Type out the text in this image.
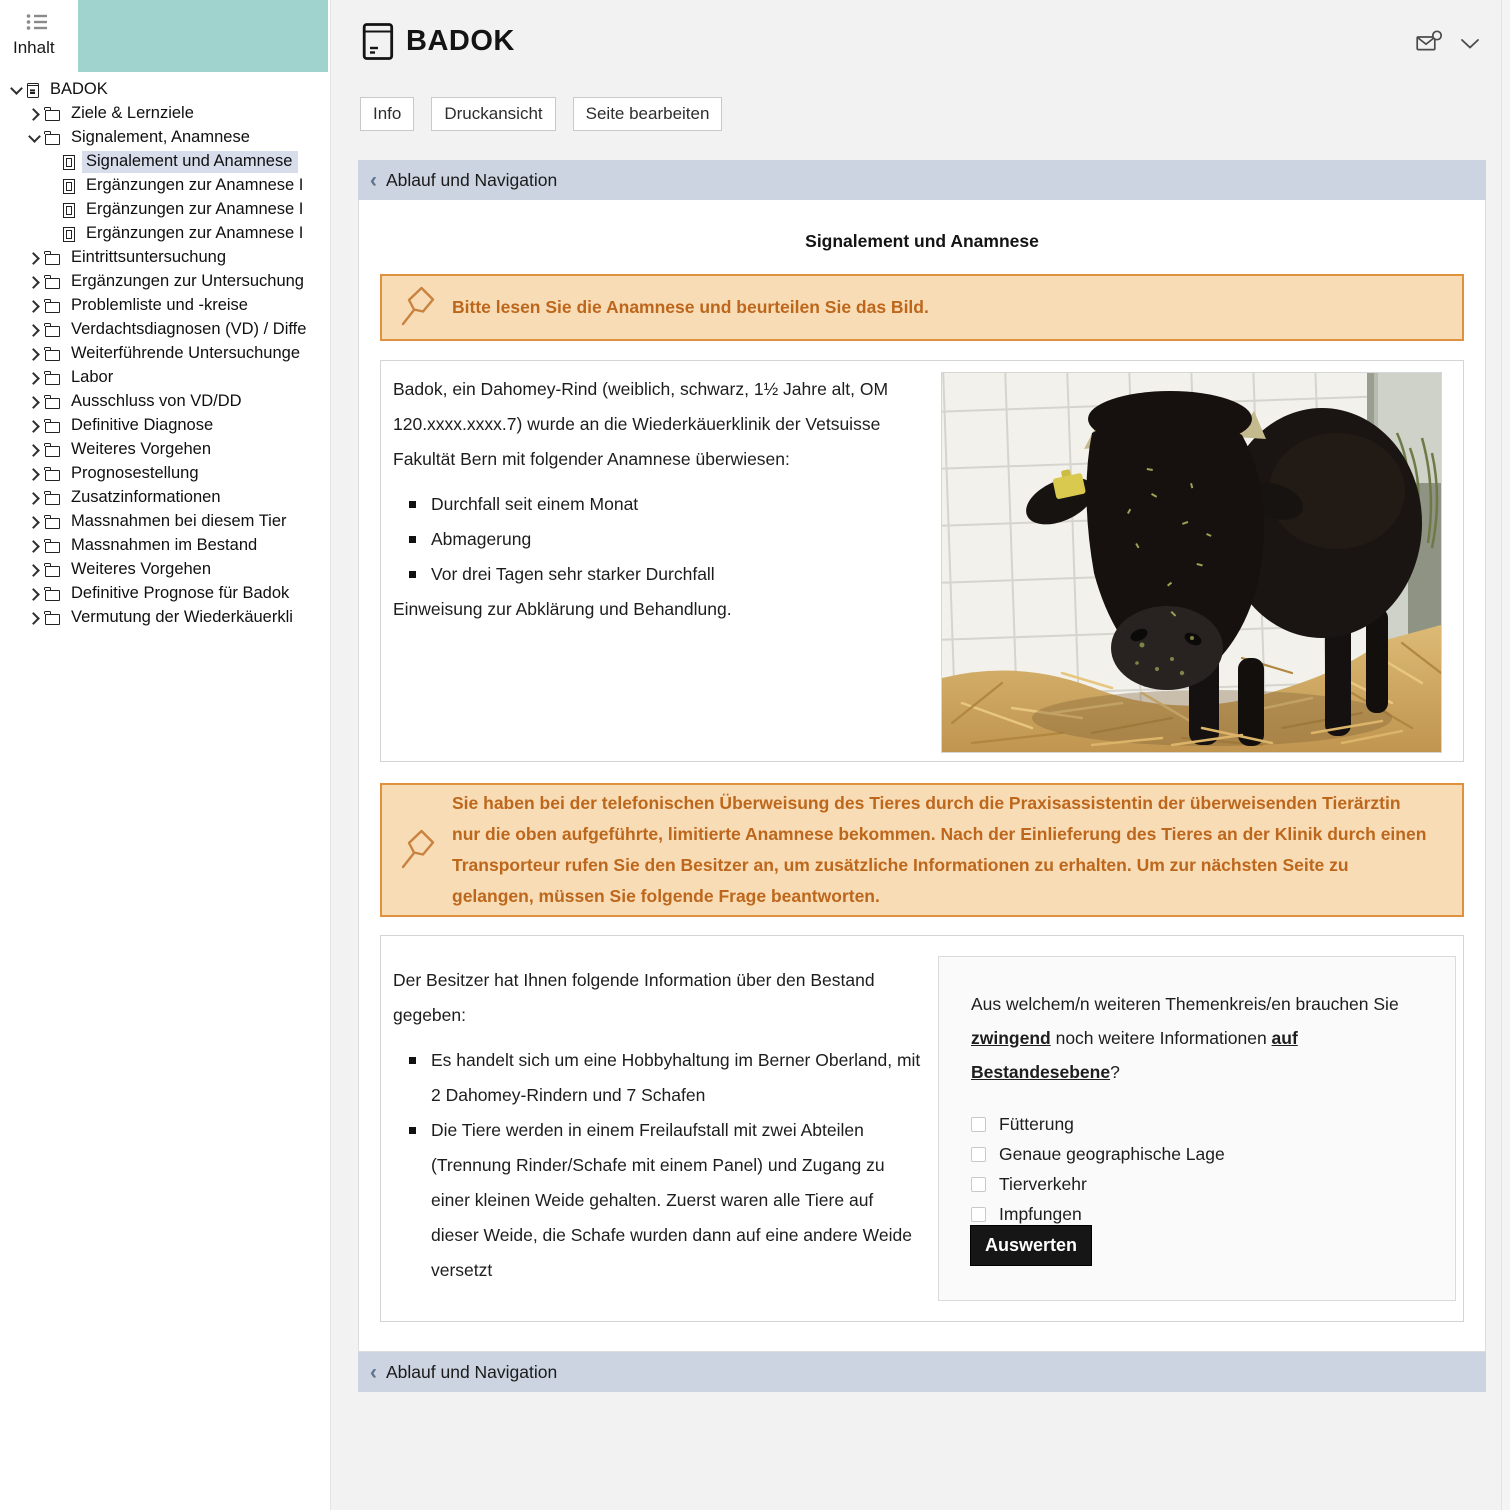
Inhalt
BADOK
Ziele & Lernziele
Signalement, Anamnese
Signalement und Anamnese
Ergänzungen zur Anamnese I
Ergänzungen zur Anamnese I
Ergänzungen zur Anamnese I
Eintrittsuntersuchung
Ergänzungen zur Untersuchung
Problemliste und -kreise
Verdachtsdiagnosen (VD) / Diffe
Weiterführende Untersuchunge
Labor
Ausschluss von VD/DD
Definitive Diagnose
Weiteres Vorgehen
Prognosestellung
Zusatzinformationen
Massnahmen bei diesem Tier
Massnahmen im Bestand
Weiteres Vorgehen
Definitive Prognose für Badok
Vermutung der Wiederkäuerkli
BADOK
Info	Druckansicht	Seite bearbeiten
‹ Ablauf und Navigation
Signalement und Anamnese
Bitte lesen Sie die Anamnese und beurteilen Sie das Bild.
Badok, ein Dahomey-Rind (weiblich, schwarz, 1½ Jahre alt, OM 120.xxxx.xxxx.7) wurde an die Wiederkäuerklinik der Vetsuisse Fakultät Bern mit folgender Anamnese überwiesen:
Durchfall seit einem Monat
Abmagerung
Vor drei Tagen sehr starker Durchfall
Einweisung zur Abklärung und Behandlung.
Sie haben bei der telefonischen Überweisung des Tieres durch die Praxisassistentin der überweisenden Tierärztin nur die oben aufgeführte, limitierte Anamnese bekommen. Nach der Einlieferung des Tieres an der Klinik durch einen Transporteur rufen Sie den Besitzer an, um zusätzliche Informationen zu erhalten. Um zur nächsten Seite zu gelangen, müssen Sie folgende Frage beantworten.
Der Besitzer hat Ihnen folgende Information über den Bestand gegeben:
Es handelt sich um eine Hobbyhaltung im Berner Oberland, mit 2 Dahomey-Rindern und 7 Schafen
Die Tiere werden in einem Freilaufstall mit zwei Abteilen (Trennung Rinder/Schafe mit einem Panel) und Zugang zu einer kleinen Weide gehalten. Zuerst waren alle Tiere auf dieser Weide, die Schafe wurden dann auf eine andere Weide versetzt
Aus welchem/n weiteren Themenkreis/en brauchen Sie zwingend noch weitere Informationen auf Bestandesebene?
Fütterung
Genaue geographische Lage
Tierverkehr
Impfungen
Auswerten
‹ Ablauf und Navigation
